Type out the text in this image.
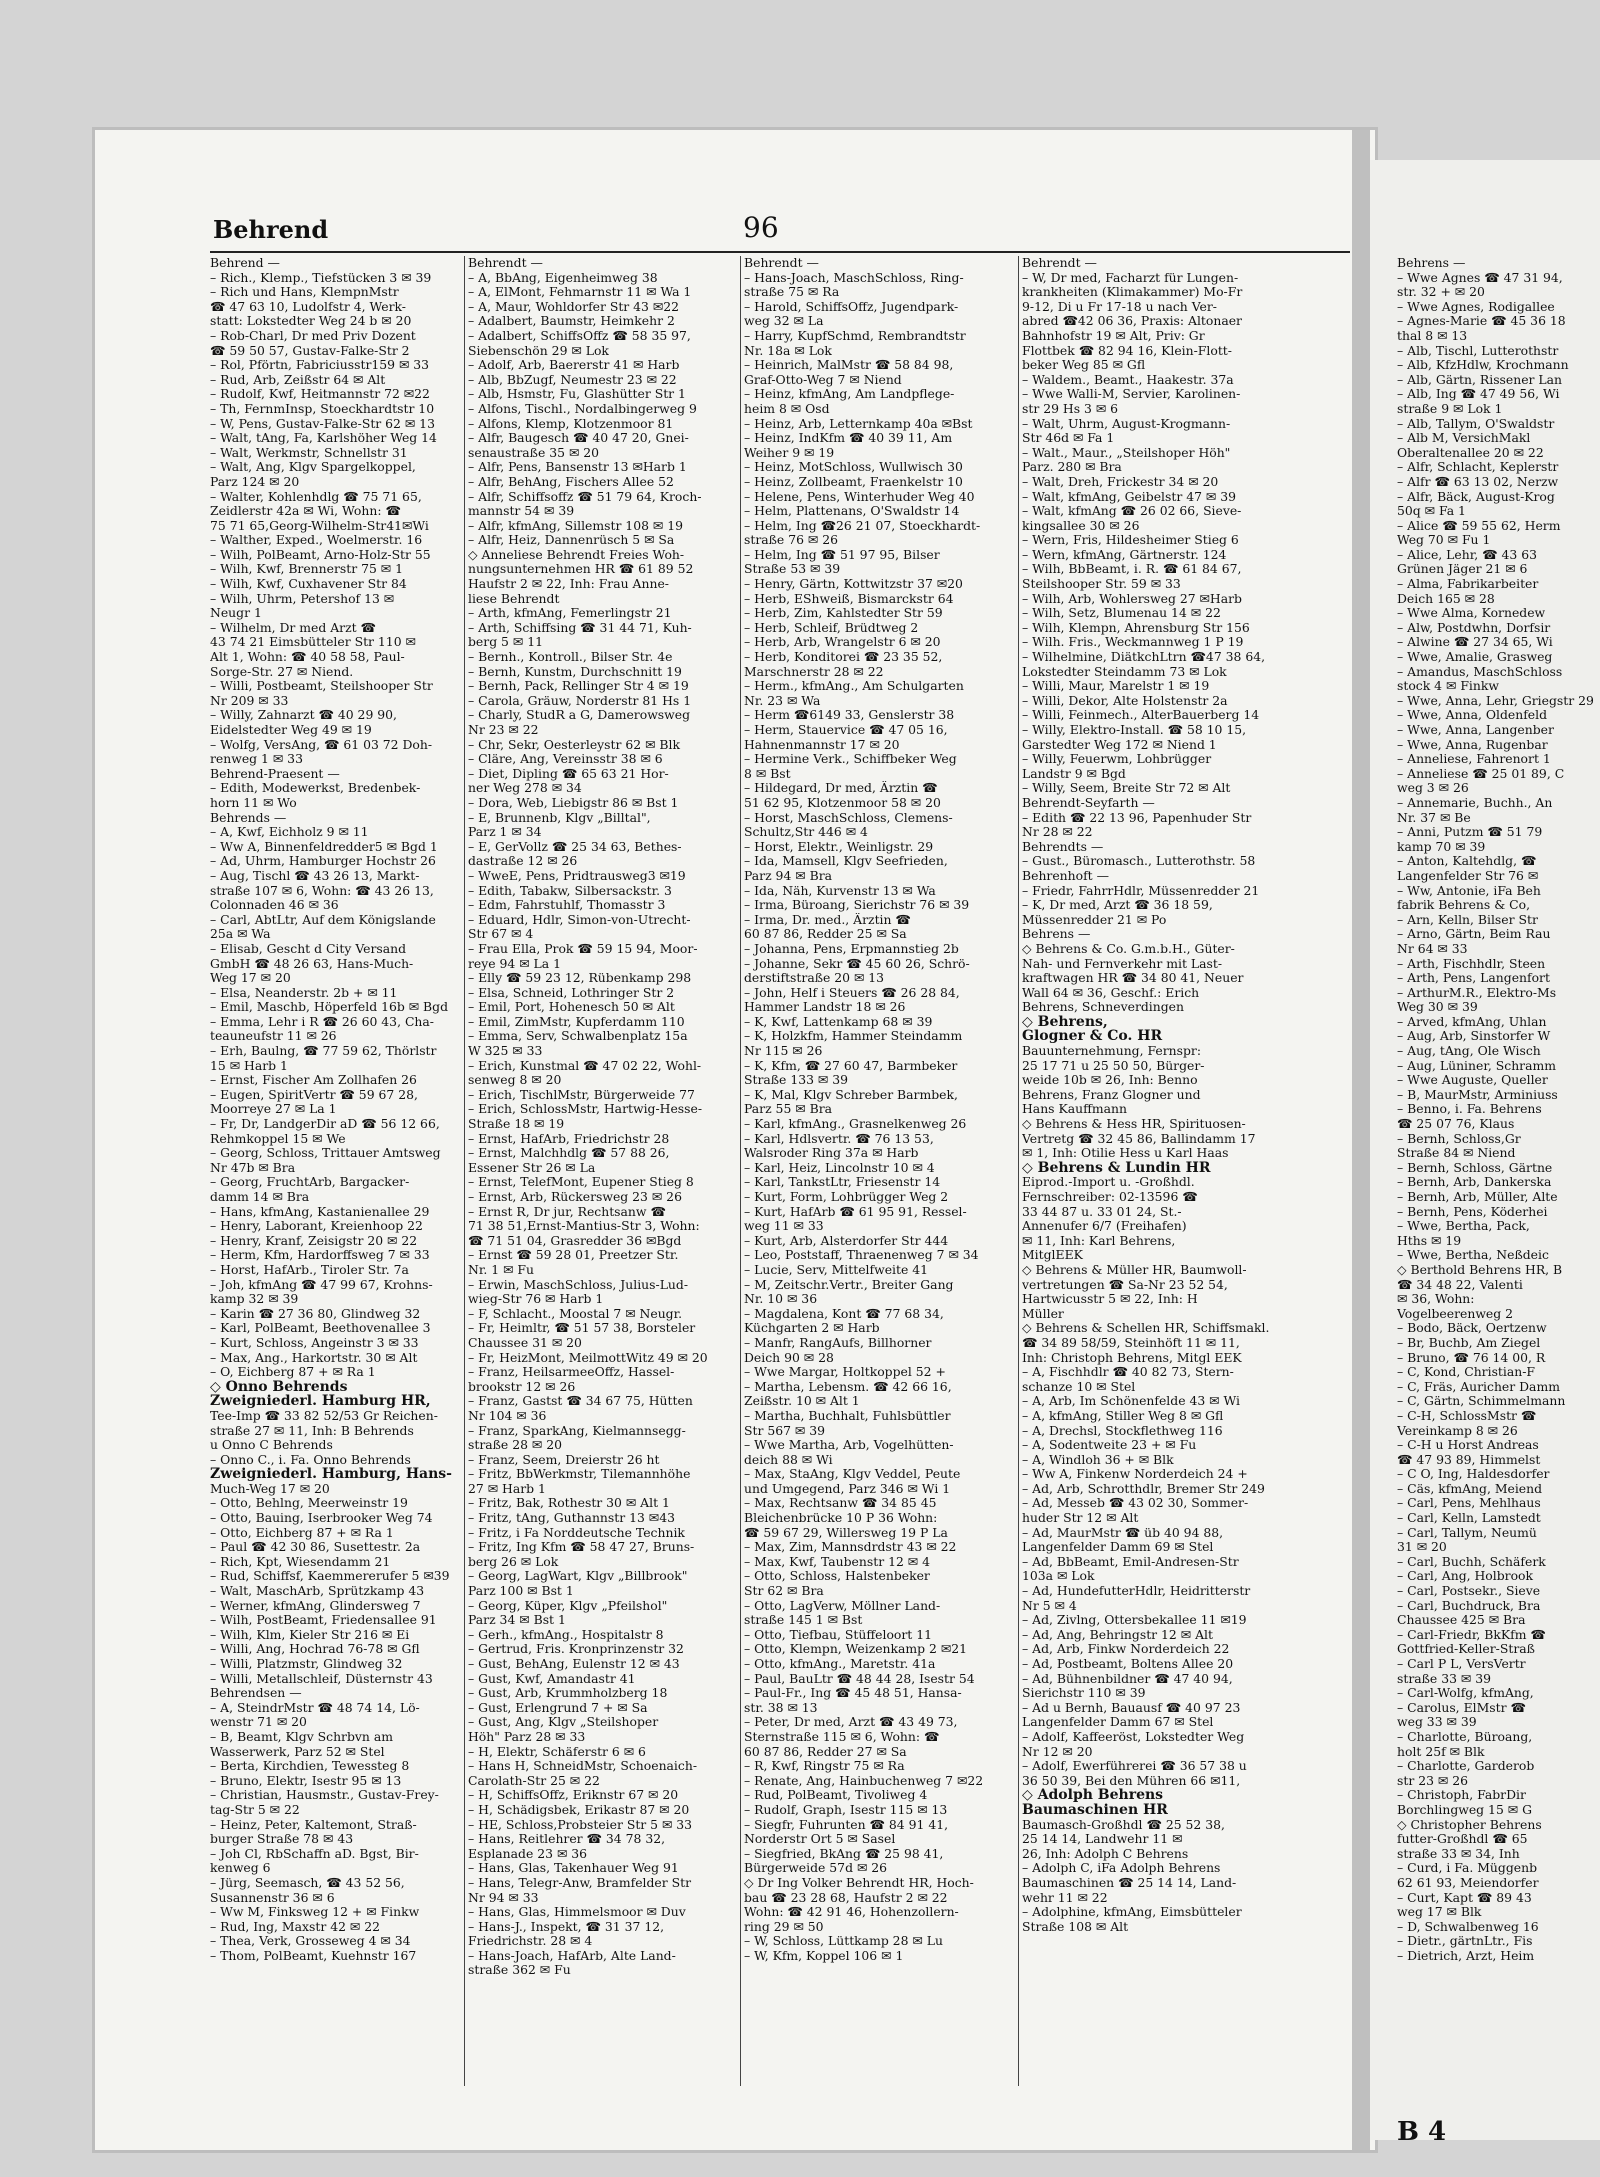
Behrend	96
Behrend —
– Rich., Klemp., Tiefstücken 3 ✉ 39
– Rich und Hans, KlempnMstr
☎ 47 63 10, Ludolfstr 4, Werk-
statt: Lokstedter Weg 24 b ✉ 20
– Rob-Charl, Dr med Priv Dozent
☎ 59 50 57, Gustav-Falke-Str 2
– Rol, Pförtn, Fabriciusstr159 ✉ 33
– Rud, Arb, Zeißstr 64 ✉ Alt
– Rudolf, Kwf, Heitmannstr 72 ✉22
– Th, FernmInsp, Stoeckhardtstr 10
– W, Pens, Gustav-Falke-Str 62 ✉ 13
– Walt, tAng, Fa, Karlshöher Weg 14
– Walt, Werkmstr, Schnellstr 31
– Walt, Ang, Klgv Spargelkoppel,
Parz 124 ✉ 20
– Walter, Kohlenhdlg ☎ 75 71 65,
Zeidlerstr 42a ✉ Wi, Wohn: ☎
75 71 65,Georg-Wilhelm-Str41✉Wi
– Walther, Exped., Woelmerstr. 16
– Wilh, PolBeamt, Arno-Holz-Str 55
– Wilh, Kwf, Brennerstr 75 ✉ 1
– Wilh, Kwf, Cuxhavener Str 84
– Wilh, Uhrm, Petershof 13 ✉
Neugr 1
– Wilhelm, Dr med Arzt ☎
43 74 21 Eimsbütteler Str 110 ✉
Alt 1, Wohn: ☎ 40 58 58, Paul-
Sorge-Str. 27 ✉ Niend.
– Willi, Postbeamt, Steilshooper Str
Nr 209 ✉ 33
– Willy, Zahnarzt ☎ 40 29 90,
Eidelstedter Weg 49 ✉ 19
– Wolfg, VersAng, ☎ 61 03 72 Doh-
renweg 1 ✉ 33
Behrend-Praesent —
– Edith, Modewerkst, Bredenbek-
horn 11 ✉ Wo
Behrends —
– A, Kwf, Eichholz 9 ✉ 11
– Ww A, Binnenfeldredder5 ✉ Bgd 1
– Ad, Uhrm, Hamburger Hochstr 26
– Aug, Tischl ☎ 43 26 13, Markt-
straße 107 ✉ 6, Wohn: ☎ 43 26 13,
Colonnaden 46 ✉ 36
– Carl, AbtLtr, Auf dem Königslande
25a ✉ Wa
– Elisab, Gescht d City Versand
GmbH ☎ 48 26 63, Hans-Much-
Weg 17 ✉ 20
– Elsa, Neanderstr. 2b + ✉ 11
– Emil, Maschb, Höperfeld 16b ✉ Bgd
– Emma, Lehr i R ☎ 26 60 43, Cha-
teauneufstr 11 ✉ 26
– Erh, Baulng, ☎ 77 59 62, Thörlstr
15 ✉ Harb 1
– Ernst, Fischer Am Zollhafen 26
– Eugen, SpiritVertr ☎ 59 67 28,
Moorreye 27 ✉ La 1
– Fr, Dr, LandgerDir aD ☎ 56 12 66,
Rehmkoppel 15 ✉ We
– Georg, Schloss, Trittauer Amtsweg
Nr 47b ✉ Bra
– Georg, FruchtArb, Bargacker-
damm 14 ✉ Bra
– Hans, kfmAng, Kastanienallee 29
– Henry, Laborant, Kreienhoop 22
– Henry, Kranf, Zeisigstr 20 ✉ 22
– Herm, Kfm, Hardorffsweg 7 ✉ 33
– Horst, HafArb., Tiroler Str. 7a
– Joh, kfmAng ☎ 47 99 67, Krohns-
kamp 32 ✉ 39
– Karin ☎ 27 36 80, Glindweg 32
– Karl, PolBeamt, Beethovenallee 3
– Kurt, Schloss, Angeinstr 3 ✉ 33
– Max, Ang., Harkortstr. 30 ✉ Alt
– O, Eichberg 87 + ✉ Ra 1
◇ Onno Behrends
Zweigniederl. Hamburg HR,
Tee-Imp ☎ 33 82 52/53 Gr Reichen-
straße 27 ✉ 11, Inh: B Behrends
u Onno C Behrends
– Onno C., i. Fa. Onno Behrends
Zweigniederl. Hamburg, Hans-
Much-Weg 17 ✉ 20
– Otto, Behlng, Meerweinstr 19
– Otto, Bauing, Iserbrooker Weg 74
– Otto, Eichberg 87 + ✉ Ra 1
– Paul ☎ 42 30 86, Susettestr. 2a
– Rich, Kpt, Wiesendamm 21
– Rud, Schiffsf, Kaemmererufer 5 ✉39
– Walt, MaschArb, Sprützkamp 43
– Werner, kfmAng, Glindersweg 7
– Wilh, PostBeamt, Friedensallee 91
– Wilh, Klm, Kieler Str 216 ✉ Ei
– Willi, Ang, Hochrad 76-78 ✉ Gfl
– Willi, Platzmstr, Glindweg 32
– Willi, Metallschleif, Düsternstr 43
Behrendsen —
– A, SteindrMstr ☎ 48 74 14, Lö-
wenstr 71 ✉ 20
– B, Beamt, Klgv Schrbvn am
Wasserwerk, Parz 52 ✉ Stel
– Berta, Kirchdien, Tewessteg 8
– Bruno, Elektr, Isestr 95 ✉ 13
– Christian, Hausmstr., Gustav-Frey-
tag-Str 5 ✉ 22
– Heinz, Peter, Kaltemont, Straß-
burger Straße 78 ✉ 43
– Joh Cl, RbSchaffn aD. Bgst, Bir-
kenweg 6
– Jürg, Seemasch, ☎ 43 52 56,
Susannenstr 36 ✉ 6
– Ww M, Finksweg 12 + ✉ Finkw
– Rud, Ing, Maxstr 42 ✉ 22
– Thea, Verk, Grosseweg 4 ✉ 34
– Thom, PolBeamt, Kuehnstr 167
Behrendt —
– A, BbAng, Eigenheimweg 38
– A, ElMont, Fehmarnstr 11 ✉ Wa 1
– A, Maur, Wohldorfer Str 43 ✉22
– Adalbert, Baumstr, Heimkehr 2
– Adalbert, SchiffsOffz ☎ 58 35 97,
Siebenschön 29 ✉ Lok
– Adolf, Arb, Baererstr 41 ✉ Harb
– Alb, BbZugf, Neumestr 23 ✉ 22
– Alb, Hsmstr, Fu, Glashütter Str 1
– Alfons, Tischl., Nordalbingerweg 9
– Alfons, Klemp, Klotzenmoor 81
– Alfr, Baugesch ☎ 40 47 20, Gnei-
senaustraße 35 ✉ 20
– Alfr, Pens, Bansenstr 13 ✉Harb 1
– Alfr, BehAng, Fischers Allee 52
– Alfr, Schiffsoffz ☎ 51 79 64, Kroch-
mannstr 54 ✉ 39
– Alfr, kfmAng, Sillemstr 108 ✉ 19
– Alfr, Heiz, Dannenrüsch 5 ✉ Sa
◇ Anneliese Behrendt Freies Woh-
nungsunternehmen HR ☎ 61 89 52
Haufstr 2 ✉ 22, Inh: Frau Anne-
liese Behrendt
– Arth, kfmAng, Femerlingstr 21
– Arth, Schiffsing ☎ 31 44 71, Kuh-
berg 5 ✉ 11
– Bernh., Kontroll., Bilser Str. 4e
– Bernh, Kunstm, Durchschnitt 19
– Bernh, Pack, Rellinger Str 4 ✉ 19
– Carola, Gräuw, Norderstr 81 Hs 1
– Charly, StudR a G, Damerowsweg
Nr 23 ✉ 22
– Chr, Sekr, Oesterleystr 62 ✉ Blk
– Cläre, Ang, Vereinsstr 38 ✉ 6
– Diet, Dipling ☎ 65 63 21 Hor-
ner Weg 278 ✉ 34
– Dora, Web, Liebigstr 86 ✉ Bst 1
– E, Brunnenb, Klgv „Billtal",
Parz 1 ✉ 34
– E, GerVollz ☎ 25 34 63, Bethes-
dastraße 12 ✉ 26
– WweE, Pens, Pridtrausweg3 ✉19
– Edith, Tabakw, Silbersackstr. 3
– Edm, Fahrstuhlf, Thomasstr 3
– Eduard, Hdlr, Simon-von-Utrecht-
Str 67 ✉ 4
– Frau Ella, Prok ☎ 59 15 94, Moor-
reye 94 ✉ La 1
– Elly ☎ 59 23 12, Rübenkamp 298
– Elsa, Schneid, Lothringer Str 2
– Emil, Port, Hohenesch 50 ✉ Alt
– Emil, ZimMstr, Kupferdamm 110
– Emma, Serv, Schwalbenplatz 15a
W 325 ✉ 33
– Erich, Kunstmal ☎ 47 02 22, Wohl-
senweg 8 ✉ 20
– Erich, TischlMstr, Bürgerweide 77
– Erich, SchlossMstr, Hartwig-Hesse-
Straße 18 ✉ 19
– Ernst, HafArb, Friedrichstr 28
– Ernst, Malchhdlg ☎ 57 88 26,
Essener Str 26 ✉ La
– Ernst, TelefMont, Eupener Stieg 8
– Ernst, Arb, Rückersweg 23 ✉ 26
– Ernst R, Dr jur, Rechtsanw ☎
71 38 51,Ernst-Mantius-Str 3, Wohn:
☎ 71 51 04, Grasredder 36 ✉Bgd
– Ernst ☎ 59 28 01, Preetzer Str.
Nr. 1 ✉ Fu
– Erwin, MaschSchloss, Julius-Lud-
wieg-Str 76 ✉ Harb 1
– F, Schlacht., Moostal 7 ✉ Neugr.
– Fr, Heimltr, ☎ 51 57 38, Borsteler
Chaussee 31 ✉ 20
– Fr, HeizMont, MeilmottWitz 49 ✉ 20
– Franz, HeilsarmeeOffz, Hassel-
brookstr 12 ✉ 26
– Franz, Gastst ☎ 34 67 75, Hütten
Nr 104 ✉ 36
– Franz, SparkAng, Kielmannsegg-
straße 28 ✉ 20
– Franz, Seem, Dreierstr 26 ht
– Fritz, BbWerkmstr, Tilemannhöhe
27 ✉ Harb 1
– Fritz, Bak, Rothestr 30 ✉ Alt 1
– Fritz, tAng, Guthannstr 13 ✉43
– Fritz, i Fa Norddeutsche Technik
– Fritz, Ing Kfm ☎ 58 47 27, Bruns-
berg 26 ✉ Lok
– Georg, LagWart, Klgv „Billbrook"
Parz 100 ✉ Bst 1
– Georg, Küper, Klgv „Pfeilshol"
Parz 34 ✉ Bst 1
– Gerh., kfmAng., Hospitalstr 8
– Gertrud, Fris. Kronprinzenstr 32
– Gust, BehAng, Eulenstr 12 ✉ 43
– Gust, Kwf, Amandastr 41
– Gust, Arb, Krummholzberg 18
– Gust, Erlengrund 7 + ✉ Sa
– Gust, Ang, Klgv „Steilshoper
Höh" Parz 28 ✉ 33
– H, Elektr, Schäferstr 6 ✉ 6
– Hans H, SchneidMstr, Schoenaich-
Carolath-Str 25 ✉ 22
– H, SchiffsOffz, Eriknstr 67 ✉ 20
– H, Schädigsbek, Erikastr 87 ✉ 20
– HE, Schloss,Probsteier Str 5 ✉ 33
– Hans, Reitlehrer ☎ 34 78 32,
Esplanade 23 ✉ 36
– Hans, Glas, Takenhauer Weg 91
– Hans, Telegr-Anw, Bramfelder Str
Nr 94 ✉ 33
– Hans, Glas, Himmelsmoor ✉ Duv
– Hans-J., Inspekt, ☎ 31 37 12,
Friedrichstr. 28 ✉ 4
– Hans-Joach, HafArb, Alte Land-
straße 362 ✉ Fu
Behrendt —
– Hans-Joach, MaschSchloss, Ring-
straße 75 ✉ Ra
– Harold, SchiffsOffz, Jugendpark-
weg 32 ✉ La
– Harry, KupfSchmd, Rembrandtstr
Nr. 18a ✉ Lok
– Heinrich, MalMstr ☎ 58 84 98,
Graf-Otto-Weg 7 ✉ Niend
– Heinz, kfmAng, Am Landpflege-
heim 8 ✉ Osd
– Heinz, Arb, Letternkamp 40a ✉Bst
– Heinz, IndKfm ☎ 40 39 11, Am
Weiher 9 ✉ 19
– Heinz, MotSchloss, Wullwisch 30
– Heinz, Zollbeamt, Fraenkelstr 10
– Helene, Pens, Winterhuder Weg 40
– Helm, Plattenans, O'Swaldstr 14
– Helm, Ing ☎26 21 07, Stoeckhardt-
straße 76 ✉ 26
– Helm, Ing ☎ 51 97 95, Bilser
Straße 53 ✉ 39
– Henry, Gärtn, Kottwitzstr 37 ✉20
– Herb, EShweiß, Bismarckstr 64
– Herb, Zim, Kahlstedter Str 59
– Herb, Schleif, Brüdtweg 2
– Herb, Arb, Wrangelstr 6 ✉ 20
– Herb, Konditorei ☎ 23 35 52,
Marschnerstr 28 ✉ 22
– Herm., kfmAng., Am Schulgarten
Nr. 23 ✉ Wa
– Herm ☎6149 33, Genslerstr 38
– Herm, Stauervice ☎ 47 05 16,
Hahnenmannstr 17 ✉ 20
– Hermine Verk., Schiffbeker Weg
8 ✉ Bst
– Hildegard, Dr med, Ärztin ☎
51 62 95, Klotzenmoor 58 ✉ 20
– Horst, MaschSchloss, Clemens-
Schultz,Str 446 ✉ 4
– Horst, Elektr., Weinligstr. 29
– Ida, Mamsell, Klgv Seefrieden,
Parz 94 ✉ Bra
– Ida, Näh, Kurvenstr 13 ✉ Wa
– Irma, Büroang, Sierichstr 76 ✉ 39
– Irma, Dr. med., Ärztin ☎
60 87 86, Redder 25 ✉ Sa
– Johanna, Pens, Erpmannstieg 2b
– Johanne, Sekr ☎ 45 60 26, Schrö-
derstiftstraße 20 ✉ 13
– John, Helf i Steuers ☎ 26 28 84,
Hammer Landstr 18 ✉ 26
– K, Kwf, Lattenkamp 68 ✉ 39
– K, Holzkfm, Hammer Steindamm
Nr 115 ✉ 26
– K, Kfm, ☎ 27 60 47, Barmbeker
Straße 133 ✉ 39
– K, Mal, Klgv Schreber Barmbek,
Parz 55 ✉ Bra
– Karl, kfmAng., Grasnelkenweg 26
– Karl, Hdlsvertr. ☎ 76 13 53,
Walsroder Ring 37a ✉ Harb
– Karl, Heiz, Lincolnstr 10 ✉ 4
– Karl, TankstLtr, Friesenstr 14
– Kurt, Form, Lohbrügger Weg 2
– Kurt, HafArb ☎ 61 95 91, Ressel-
weg 11 ✉ 33
– Kurt, Arb, Alsterdorfer Str 444
– Leo, Poststaff, Thraenenweg 7 ✉ 34
– Lucie, Serv, Mittelfweite 41
– M, Zeitschr.Vertr., Breiter Gang
Nr. 10 ✉ 36
– Magdalena, Kont ☎ 77 68 34,
Küchgarten 2 ✉ Harb
– Manfr, RangAufs, Billhorner
Deich 90 ✉ 28
– Wwe Margar, Holtkoppel 52 +
– Martha, Lebensm. ☎ 42 66 16,
Zeißstr. 10 ✉ Alt 1
– Martha, Buchhalt, Fuhlsbüttler
Str 567 ✉ 39
– Wwe Martha, Arb, Vogelhütten-
deich 88 ✉ Wi
– Max, StaAng, Klgv Veddel, Peute
und Umgegend, Parz 346 ✉ Wi 1
– Max, Rechtsanw ☎ 34 85 45
Bleichenbrücke 10 P 36 Wohn:
☎ 59 67 29, Willersweg 19 P La
– Max, Zim, Mannsdrdstr 43 ✉ 22
– Max, Kwf, Taubenstr 12 ✉ 4
– Otto, Schloss, Halstenbeker
Str 62 ✉ Bra
– Otto, LagVerw, Möllner Land-
straße 145 1 ✉ Bst
– Otto, Tiefbau, Stüffeloort 11
– Otto, Klempn, Weizenkamp 2 ✉21
– Otto, kfmAng., Maretstr. 41a
– Paul, BauLtr ☎ 48 44 28, Isestr 54
– Paul-Fr., Ing ☎ 45 48 51, Hansa-
str. 38 ✉ 13
– Peter, Dr med, Arzt ☎ 43 49 73,
Sternstraße 115 ✉ 6, Wohn: ☎
60 87 86, Redder 27 ✉ Sa
– R, Kwf, Ringstr 75 ✉ Ra
– Renate, Ang, Hainbuchenweg 7 ✉22
– Rud, PolBeamt, Tivoliweg 4
– Rudolf, Graph, Isestr 115 ✉ 13
– Siegfr, Fuhrunten ☎ 84 91 41,
Norderstr Ort 5 ✉ Sasel
– Siegfried, BkAng ☎ 25 98 41,
Bürgerweide 57d ✉ 26
◇ Dr Ing Volker Behrendt HR, Hoch-
bau ☎ 23 28 68, Haufstr 2 ✉ 22
Wohn: ☎ 42 91 46, Hohenzollern-
ring 29 ✉ 50
– W, Schloss, Lüttkamp 28 ✉ Lu
– W, Kfm, Koppel 106 ✉ 1
Behrendt —
– W, Dr med, Facharzt für Lungen-
krankheiten (Klimakammer) Mo-Fr
9-12, Di u Fr 17-18 u nach Ver-
abred ☎42 06 36, Praxis: Altonaer
Bahnhofstr 19 ✉ Alt, Priv: Gr
Flottbek ☎ 82 94 16, Klein-Flott-
beker Weg 85 ✉ Gfl
– Waldem., Beamt., Haakestr. 37a
– Wwe Walli-M, Servier, Karolinen-
str 29 Hs 3 ✉ 6
– Walt, Uhrm, August-Krogmann-
Str 46d ✉ Fa 1
– Walt., Maur., „Steilshoper Höh"
Parz. 280 ✉ Bra
– Walt, Dreh, Frickestr 34 ✉ 20
– Walt, kfmAng, Geibelstr 47 ✉ 39
– Walt, kfmAng ☎ 26 02 66, Sieve-
kingsallee 30 ✉ 26
– Wern, Fris, Hildesheimer Stieg 6
– Wern, kfmAng, Gärtnerstr. 124
– Wilh, BbBeamt, i. R. ☎ 61 84 67,
Steilshooper Str. 59 ✉ 33
– Wilh, Arb, Wohlersweg 27 ✉Harb
– Wilh, Setz, Blumenau 14 ✉ 22
– Wilh, Klempn, Ahrensburg Str 156
– Wilh. Fris., Weckmannweg 1 P 19
– Wilhelmine, DiätkchLtrn ☎47 38 64,
Lokstedter Steindamm 73 ✉ Lok
– Willi, Maur, Marelstr 1 ✉ 19
– Willi, Dekor, Alte Holstenstr 2a
– Willi, Feinmech., AlterBauerberg 14
– Willy, Elektro-Install. ☎ 58 10 15,
Garstedter Weg 172 ✉ Niend 1
– Willy, Feuerwm, Lohbrügger
Landstr 9 ✉ Bgd
– Willy, Seem, Breite Str 72 ✉ Alt
Behrendt-Seyfarth —
– Edith ☎ 22 13 96, Papenhuder Str
Nr 28 ✉ 22
Behrendts —
– Gust., Büromasch., Lutterothstr. 58
Behrenhoft —
– Friedr, FahrrHdlr, Müssenredder 21
– K, Dr med, Arzt ☎ 36 18 59,
Müssenredder 21 ✉ Po
Behrens —
◇ Behrens & Co. G.m.b.H., Güter-
Nah- und Fernverkehr mit Last-
kraftwagen HR ☎ 34 80 41, Neuer
Wall 64 ✉ 36, Geschf.: Erich
Behrens, Schneverdingen
◇ Behrens,
Glogner & Co. HR
Bauunternehmung, Fernspr:
25 17 71 u 25 50 50, Bürger-
weide 10b ✉ 26, Inh: Benno
Behrens, Franz Glogner und
Hans Kauffmann
◇ Behrens & Hess HR, Spirituosen-
Vertretg ☎ 32 45 86, Ballindamm 17
✉ 1, Inh: Otilie Hess u Karl Haas
◇ Behrens & Lundin HR
Eiprod.-Import u. -Großhdl.
Fernschreiber: 02-13596 ☎
33 44 87 u. 33 01 24, St.-
Annenufer 6/7 (Freihafen)
✉ 11, Inh: Karl Behrens,
MitglEEK
◇ Behrens & Müller HR, Baumwoll-
vertretungen ☎ Sa-Nr 23 52 54,
Hartwicusstr 5 ✉ 22, Inh: H
Müller
◇ Behrens & Schellen HR, Schiffsmakl.
☎ 34 89 58/59, Steinhöft 11 ✉ 11,
Inh: Christoph Behrens, Mitgl EEK
– A, Fischhdlr ☎ 40 82 73, Stern-
schanze 10 ✉ Stel
– A, Arb, Im Schönenfelde 43 ✉ Wi
– A, kfmAng, Stiller Weg 8 ✉ Gfl
– A, Drechsl, Stockflethweg 116
– A, Sodentweite 23 + ✉ Fu
– A, Windloh 36 + ✉ Blk
– Ww A, Finkenw Norderdeich 24 +
– Ad, Arb, Schrotthdlr, Bremer Str 249
– Ad, Messeb ☎ 43 02 30, Sommer-
huder Str 12 ✉ Alt
– Ad, MaurMstr ☎ üb 40 94 88,
Langenfelder Damm 69 ✉ Stel
– Ad, BbBeamt, Emil-Andresen-Str
103a ✉ Lok
– Ad, HundefutterHdlr, Heidritterstr
Nr 5 ✉ 4
– Ad, Zivlng, Ottersbekallee 11 ✉19
– Ad, Ang, Behringstr 12 ✉ Alt
– Ad, Arb, Finkw Norderdeich 22
– Ad, Postbeamt, Boltens Allee 20
– Ad, Bühnenbildner ☎ 47 40 94,
Sierichstr 110 ✉ 39
– Ad u Bernh, Bauausf ☎ 40 97 23
Langenfelder Damm 67 ✉ Stel
– Adolf, Kaffeeröst, Lokstedter Weg
Nr 12 ✉ 20
– Adolf, Ewerführerei ☎ 36 57 38 u
36 50 39, Bei den Mühren 66 ✉11,
◇ Adolph Behrens
Baumaschinen HR
Baumasch-Großhdl ☎ 25 52 38,
25 14 14, Landwehr 11 ✉
26, Inh: Adolph C Behrens
– Adolph C, iFa Adolph Behrens
Baumaschinen ☎ 25 14 14, Land-
wehr 11 ✉ 22
– Adolphine, kfmAng, Eimsbütteler
Straße 108 ✉ Alt
Behrens —
– Wwe Agnes ☎ 47 31 94,
str. 32 + ✉ 20
– Wwe Agnes, Rodigallee
– Agnes-Marie ☎ 45 36 18
thal 8 ✉ 13
– Alb, Tischl, Lutterothstr
– Alb, KfzHdlw, Krochmann
– Alb, Gärtn, Rissener Lan
– Alb, Ing ☎ 47 49 56, Wi
straße 9 ✉ Lok 1
– Alb, Tallym, O'Swaldstr
– Alb M, VersichMakl
Oberaltenallee 20 ✉ 22
– Alfr, Schlacht, Keplerstr
– Alfr ☎ 63 13 02, Nerzw
– Alfr, Bäck, August-Krog
50q ✉ Fa 1
– Alice ☎ 59 55 62, Herm
Weg 70 ✉ Fu 1
– Alice, Lehr, ☎ 43 63
Grünen Jäger 21 ✉ 6
– Alma, Fabrikarbeiter
Deich 165 ✉ 28
– Wwe Alma, Kornedew
– Alw, Postdwhn, Dorfsir
– Alwine ☎ 27 34 65, Wi
– Wwe, Amalie, Grasweg
– Amandus, MaschSchloss
stock 4 ✉ Finkw
– Wwe, Anna, Lehr, Griegstr 29
– Wwe, Anna, Oldenfeld
– Wwe, Anna, Langenber
– Wwe, Anna, Rugenbar
– Anneliese, Fahrenort 1
– Anneliese ☎ 25 01 89, C
weg 3 ✉ 26
– Annemarie, Buchh., An
Nr. 37 ✉ Be
– Anni, Putzm ☎ 51 79
kamp 70 ✉ 39
– Anton, Kaltehdlg, ☎
Langenfelder Str 76 ✉
– Ww, Antonie, iFa Beh
fabrik Behrens & Co,
– Arn, Kelln, Bilser Str
– Arno, Gärtn, Beim Rau
Nr 64 ✉ 33
– Arth, Fischhdlr, Steen
– Arth, Pens, Langenfort
– ArthurM.R., Elektro-Ms
Weg 30 ✉ 39
– Arved, kfmAng, Uhlan
– Aug, Arb, Sinstorfer W
– Aug, tAng, Ole Wisch
– Aug, Lüniner, Schramm
– Wwe Auguste, Queller
– B, MaurMstr, Arminiuss
– Benno, i. Fa. Behrens
☎ 25 07 76, Klaus
– Bernh, Schloss,Gr
Straße 84 ✉ Niend
– Bernh, Schloss, Gärtne
– Bernh, Arb, Dankerska
– Bernh, Arb, Müller, Alte
– Bernh, Pens, Köderhei
– Wwe, Bertha, Pack,
Hths ✉ 19
– Wwe, Bertha, Neßdeic
◇ Berthold Behrens HR, B
☎ 34 48 22, Valenti
✉ 36, Wohn:
Vogelbeerenweg 2
– Bodo, Bäck, Oertzenw
– Br, Buchb, Am Ziegel
– Bruno, ☎ 76 14 00, R
– C, Kond, Christian-F
– C, Fräs, Auricher Damm
– C, Gärtn, Schimmelmann
– C-H, SchlossMstr ☎
Vereinkamp 8 ✉ 26
– C-H u Horst Andreas
☎ 47 93 89, Himmelst
– C O, Ing, Haldesdorfer
– Cäs, kfmAng, Meiend
– Carl, Pens, Mehlhaus
– Carl, Kelln, Lamstedt
– Carl, Tallym, Neumü
31 ✉ 20
– Carl, Buchh, Schäferk
– Carl, Ang, Holbrook
– Carl, Postsekr., Sieve
– Carl, Buchdruck, Bra
Chaussee 425 ✉ Bra
– Carl-Friedr, BkKfm ☎
Gottfried-Keller-Straß
– Carl P L, VersVertr
straße 33 ✉ 39
– Carl-Wolfg, kfmAng,
– Carolus, ElMstr ☎
weg 33 ✉ 39
– Charlotte, Büroang,
holt 25f ✉ Blk
– Charlotte, Garderob
str 23 ✉ 26
– Christoph, FabrDir
Borchlingweg 15 ✉ G
◇ Christopher Behrens
futter-Großhdl ☎ 65
straße 33 ✉ 34, Inh
– Curd, i Fa. Müggenb
62 61 93, Meiendorfer
– Curt, Kapt ☎ 89 43
weg 17 ✉ Blk
– D, Schwalbenweg 16
– Dietr., gärtnLtr., Fis
– Dietrich, Arzt, Heim
B 4
